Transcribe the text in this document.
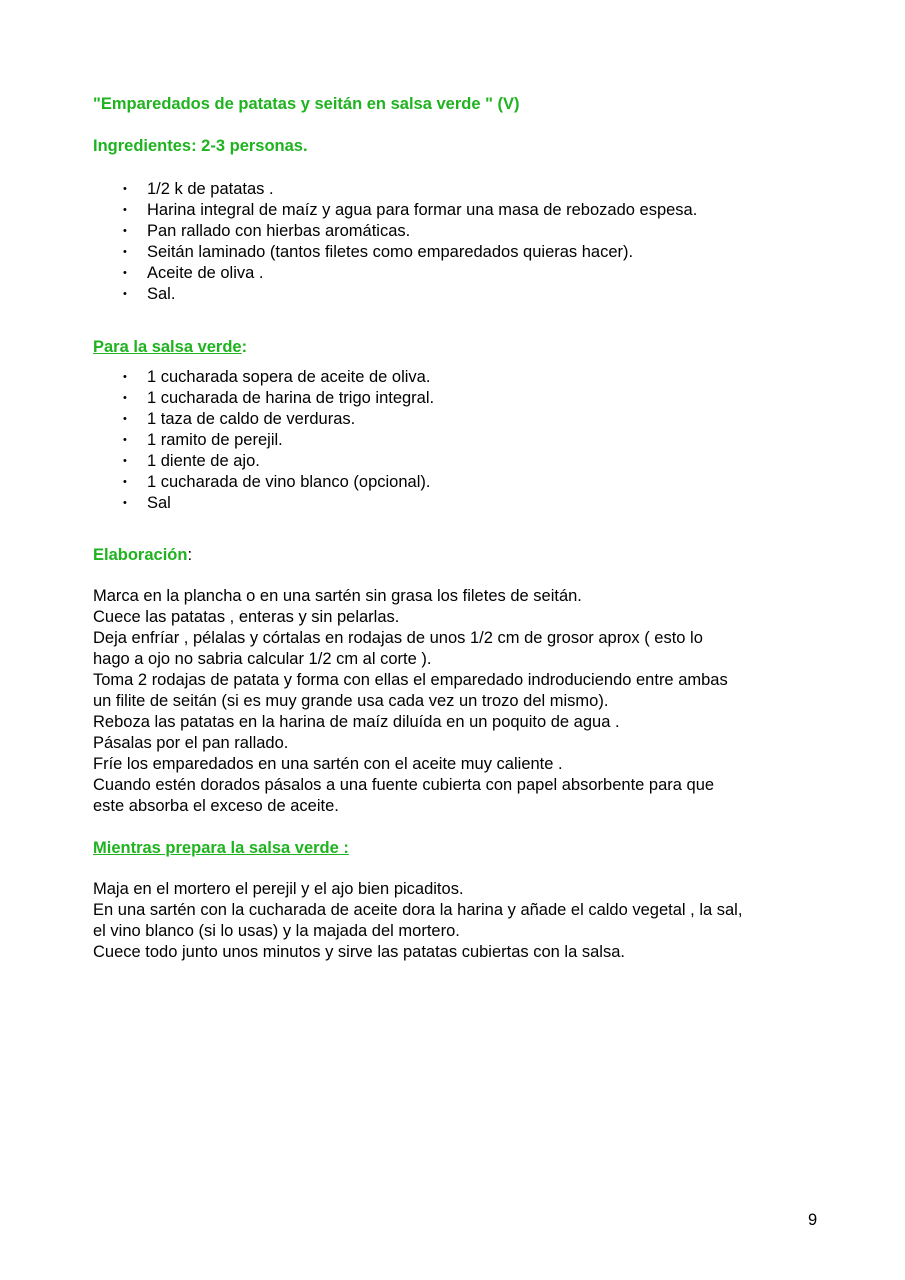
"Emparedados de patatas y seitán en salsa verde " (V)
Ingredientes: 2-3 personas.
• 1/2 k de patatas .
• Harina integral de maíz y agua para formar una masa de rebozado espesa.
• Pan rallado con hierbas aromáticas.
• Seitán laminado (tantos filetes como emparedados quieras hacer).
• Aceite de oliva .
• Sal.
Para la salsa verde:
• 1 cucharada sopera de aceite de oliva.
• 1 cucharada de harina de trigo integral.
• 1 taza de caldo de verduras.
• 1 ramito de perejil.
• 1 diente de ajo.
• 1 cucharada de vino blanco (opcional).
• Sal
Elaboración:
Marca en la plancha o en una sartén sin grasa los filetes de seitán.
Cuece las patatas , enteras y sin pelarlas.
Deja enfríar , pélalas y córtalas en rodajas de unos 1/2 cm de grosor aprox ( esto lo
hago a ojo no sabria calcular 1/2 cm al corte ).
Toma 2 rodajas de patata y forma con ellas el emparedado indroduciendo entre ambas
un filite de seitán (si es muy grande usa cada vez un trozo del mismo).
Reboza las patatas en la harina de maíz diluída en un poquito de agua .
Pásalas por el pan rallado.
Fríe los emparedados en una sartén con el aceite muy caliente .
Cuando estén dorados pásalos a una fuente cubierta con papel absorbente para que
este absorba el exceso de aceite.
Mientras prepara la salsa verde :
Maja en el mortero el perejil y el ajo bien picaditos.
En una sartén con la cucharada de aceite dora la harina y añade el caldo vegetal , la sal,
el vino blanco (si lo usas) y la majada del mortero.
Cuece todo junto unos minutos y sirve las patatas cubiertas con la salsa.
9
